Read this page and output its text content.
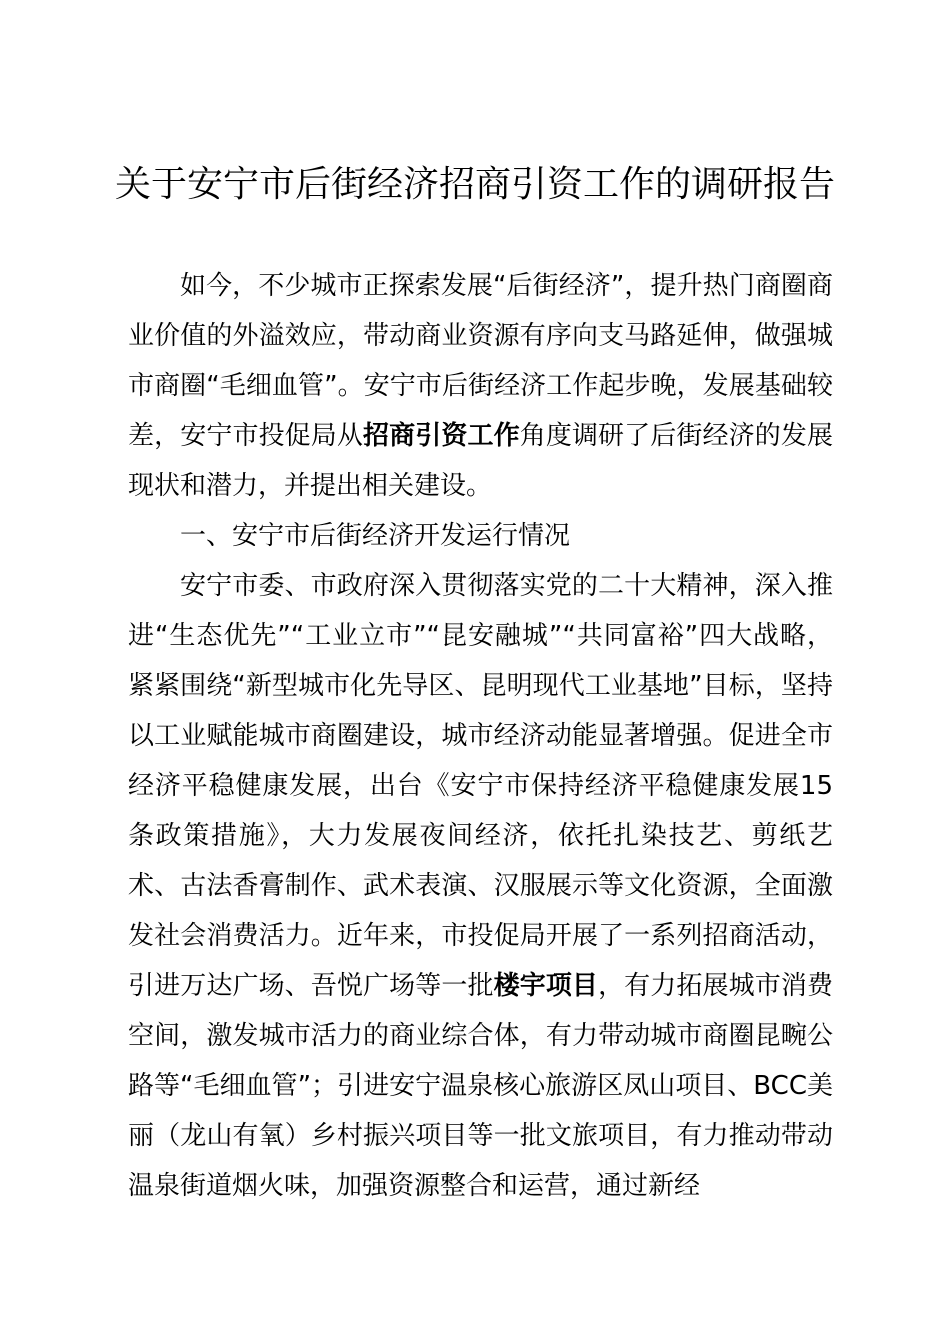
关于安宁市后街经济招商引资工作的调研报告

如今，不少城市正探索发展“后街经济”，提升热门商圈商业价值的外溢效应，带动商业资源有序向支马路延伸，做强城市商圈“毛细血管”。安宁市后街经济工作起步晚，发展基础较差，安宁市投促局从招商引资工作角度调研了后街经济的发展现状和潜力，并提出相关建设。

一、安宁市后街经济开发运行情况

安宁市委、市政府深入贯彻落实党的二十大精神，深入推进“生态优先”“工业立市”“昆安融城”“共同富裕”四大战略，紧紧围绕“新型城市化先导区、昆明现代工业基地”目标，坚持以工业赋能城市商圈建设，城市经济动能显著增强。促进全市经济平稳健康发展，出台《安宁市保持经济平稳健康发展15条政策措施》，大力发展夜间经济，依托扎染技艺、剪纸艺术、古法香膏制作、武术表演、汉服展示等文化资源，全面激发社会消费活力。近年来，市投促局开展了一系列招商活动，引进万达广场、吾悦广场等一批楼宇项目，有力拓展城市消费空间，激发城市活力的商业综合体，有力带动城市商圈昆畹公路等“毛细血管”；引进安宁温泉核心旅游区凤山项目、BCC美丽（龙山有氧）乡村振兴项目等一批文旅项目，有力推动带动温泉街道烟火味，加强资源整合和运营，通过新经
